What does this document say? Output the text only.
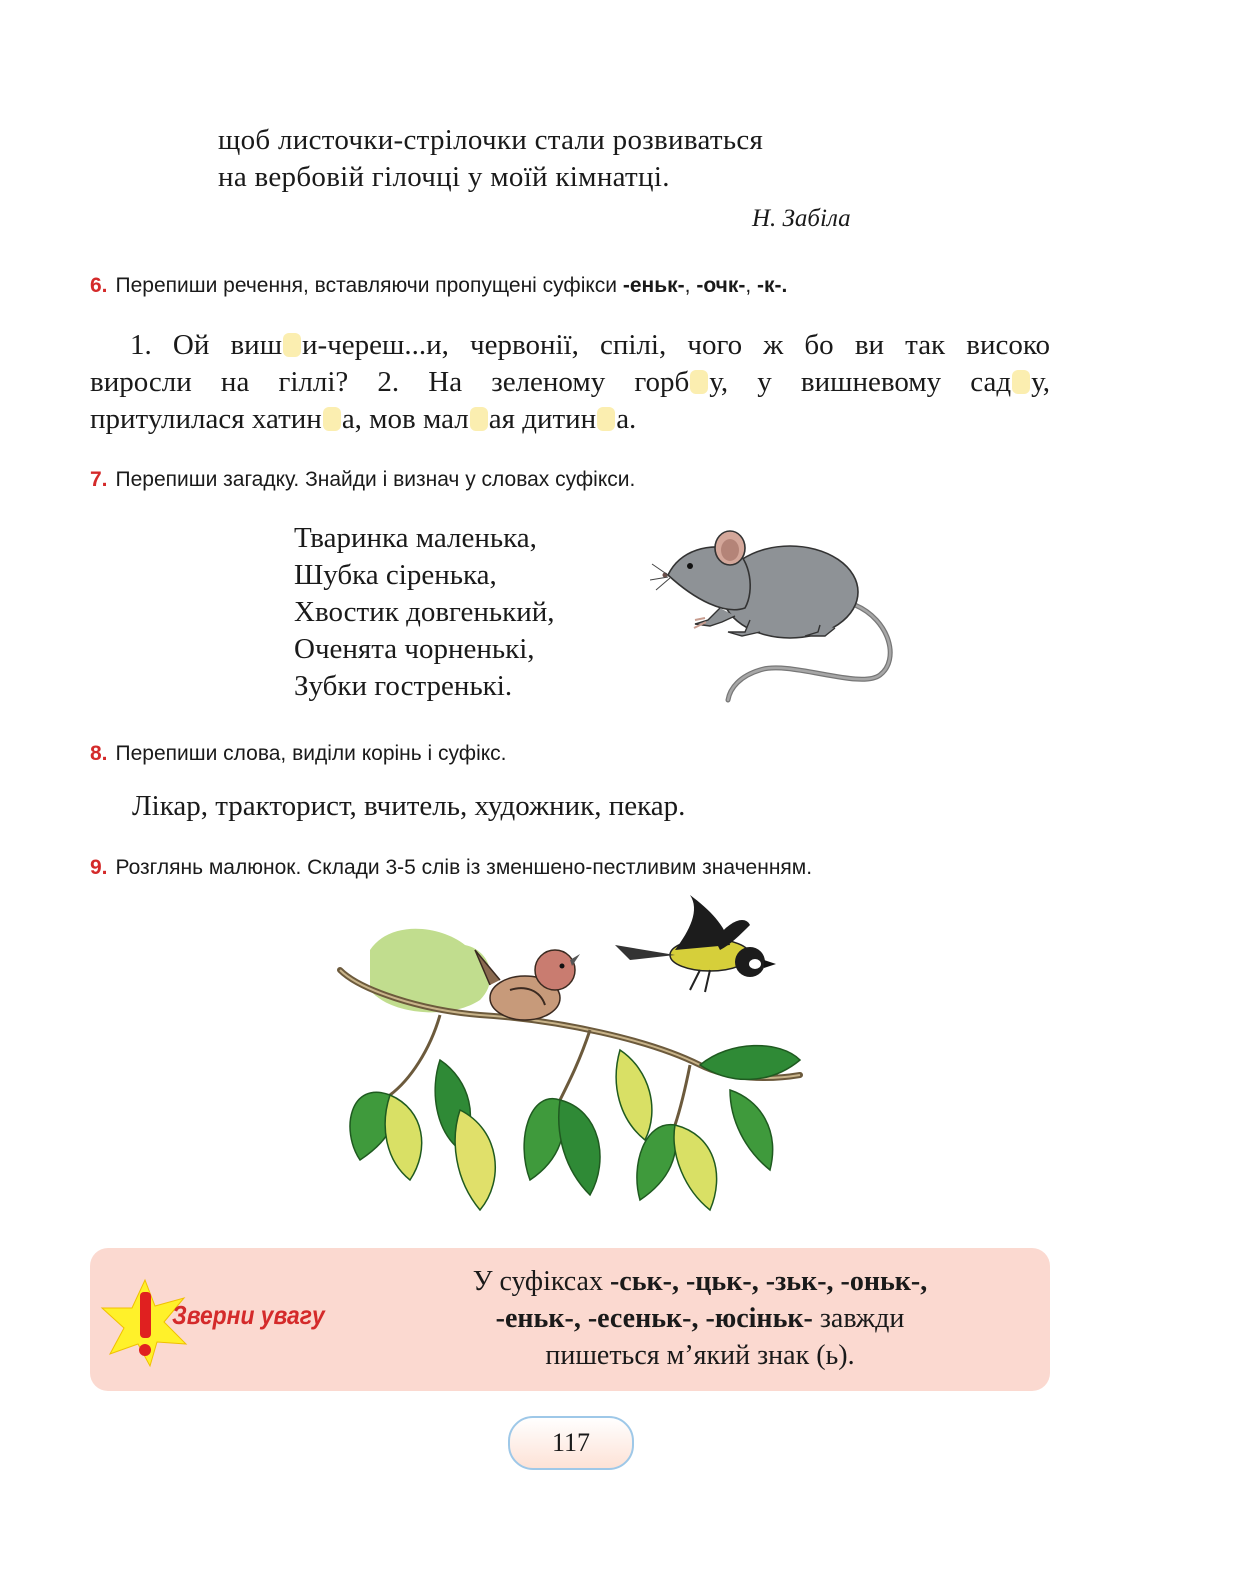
щоб листочки-стрілочки стали розвиваться
на вербовій гілочці у моїй кімнатці.
Н. Забіла
6. Перепиши речення, вставляючи пропущені суфікси -еньк-, -очк-, -к-.
1. Ой виш и-череш...и, червонії, спілі, чого ж бо ви так високо
виросли на гіллі? 2. На зеленому горб у, у вишневому сад у,
притулилася хатин а, мов мал ая дитин а.
7. Перепиши загадку. Знайди і визнач у словах суфікси.
Тваринка маленька,
Шубка сіренька,
Хвостик довгенький,
Оченята чорненькі,
Зубки гостренькі.
8. Перепиши слова, виділи корінь і суфікс.
Лікар, тракторист, вчитель, художник, пекар.
9. Розглянь малюнок. Склади 3-5 слів із зменшено-пестливим значенням.
Зверни увагу
У суфіксах -ськ-, -цьк-, -зьк-, -оньк-,
-еньк-, -есеньк-, -юсіньк- завжди
пишеться м’який знак (ь).
117
